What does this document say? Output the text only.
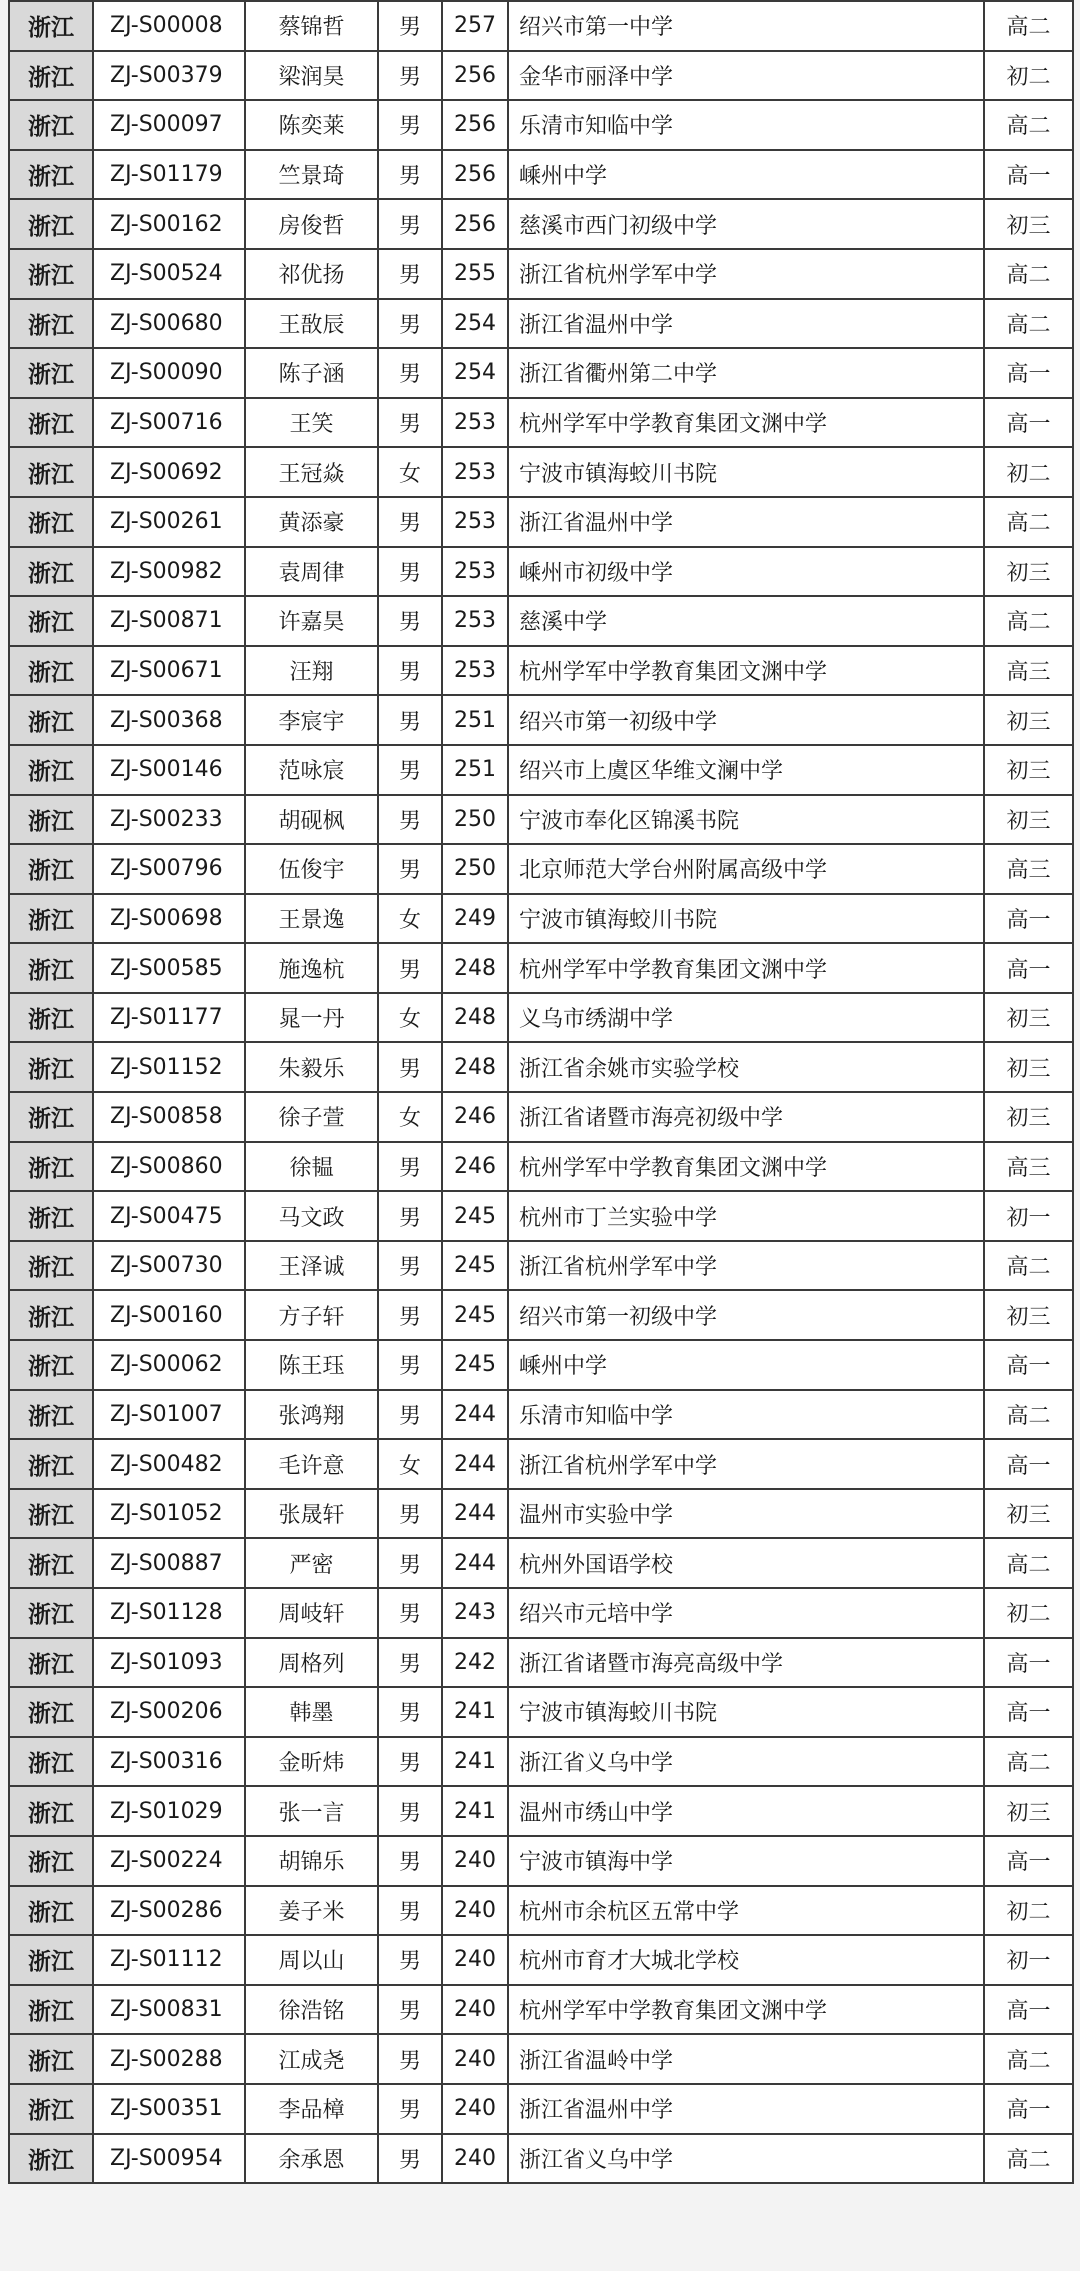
浙江	ZJ-S00008	蔡锦哲	男	257	绍兴市第一中学	高二
浙江	ZJ-S00379	梁润昊	男	256	金华市丽泽中学	初二
浙江	ZJ-S00097	陈奕莱	男	256	乐清市知临中学	高二
浙江	ZJ-S01179	竺景琦	男	256	嵊州中学	高一
浙江	ZJ-S00162	房俊哲	男	256	慈溪市西门初级中学	初三
浙江	ZJ-S00524	祁优扬	男	255	浙江省杭州学军中学	高二
浙江	ZJ-S00680	王敔辰	男	254	浙江省温州中学	高二
浙江	ZJ-S00090	陈子涵	男	254	浙江省衢州第二中学	高一
浙江	ZJ-S00716	王笑	男	253	杭州学军中学教育集团文渊中学	高一
浙江	ZJ-S00692	王冠焱	女	253	宁波市镇海蛟川书院	初二
浙江	ZJ-S00261	黄添豪	男	253	浙江省温州中学	高二
浙江	ZJ-S00982	袁周律	男	253	嵊州市初级中学	初三
浙江	ZJ-S00871	许嘉昊	男	253	慈溪中学	高二
浙江	ZJ-S00671	汪翔	男	253	杭州学军中学教育集团文渊中学	高三
浙江	ZJ-S00368	李宸宇	男	251	绍兴市第一初级中学	初三
浙江	ZJ-S00146	范咏宸	男	251	绍兴市上虞区华维文澜中学	初三
浙江	ZJ-S00233	胡砚枫	男	250	宁波市奉化区锦溪书院	初三
浙江	ZJ-S00796	伍俊宇	男	250	北京师范大学台州附属高级中学	高三
浙江	ZJ-S00698	王景逸	女	249	宁波市镇海蛟川书院	高一
浙江	ZJ-S00585	施逸杭	男	248	杭州学军中学教育集团文渊中学	高一
浙江	ZJ-S01177	晁一丹	女	248	义乌市绣湖中学	初三
浙江	ZJ-S01152	朱毅乐	男	248	浙江省余姚市实验学校	初三
浙江	ZJ-S00858	徐子萱	女	246	浙江省诸暨市海亮初级中学	初三
浙江	ZJ-S00860	徐韫	男	246	杭州学军中学教育集团文渊中学	高三
浙江	ZJ-S00475	马文政	男	245	杭州市丁兰实验中学	初一
浙江	ZJ-S00730	王泽诚	男	245	浙江省杭州学军中学	高二
浙江	ZJ-S00160	方子轩	男	245	绍兴市第一初级中学	初三
浙江	ZJ-S00062	陈王珏	男	245	嵊州中学	高一
浙江	ZJ-S01007	张鸿翔	男	244	乐清市知临中学	高二
浙江	ZJ-S00482	毛许意	女	244	浙江省杭州学军中学	高一
浙江	ZJ-S01052	张晟轩	男	244	温州市实验中学	初三
浙江	ZJ-S00887	严密	男	244	杭州外国语学校	高二
浙江	ZJ-S01128	周岐轩	男	243	绍兴市元培中学	初二
浙江	ZJ-S01093	周格列	男	242	浙江省诸暨市海亮高级中学	高一
浙江	ZJ-S00206	韩墨	男	241	宁波市镇海蛟川书院	高一
浙江	ZJ-S00316	金昕炜	男	241	浙江省义乌中学	高二
浙江	ZJ-S01029	张一言	男	241	温州市绣山中学	初三
浙江	ZJ-S00224	胡锦乐	男	240	宁波市镇海中学	高一
浙江	ZJ-S00286	姜子米	男	240	杭州市余杭区五常中学	初二
浙江	ZJ-S01112	周以山	男	240	杭州市育才大城北学校	初一
浙江	ZJ-S00831	徐浩铭	男	240	杭州学军中学教育集团文渊中学	高一
浙江	ZJ-S00288	江成尧	男	240	浙江省温岭中学	高二
浙江	ZJ-S00351	李品樟	男	240	浙江省温州中学	高一
浙江	ZJ-S00954	余承恩	男	240	浙江省义乌中学	高二
